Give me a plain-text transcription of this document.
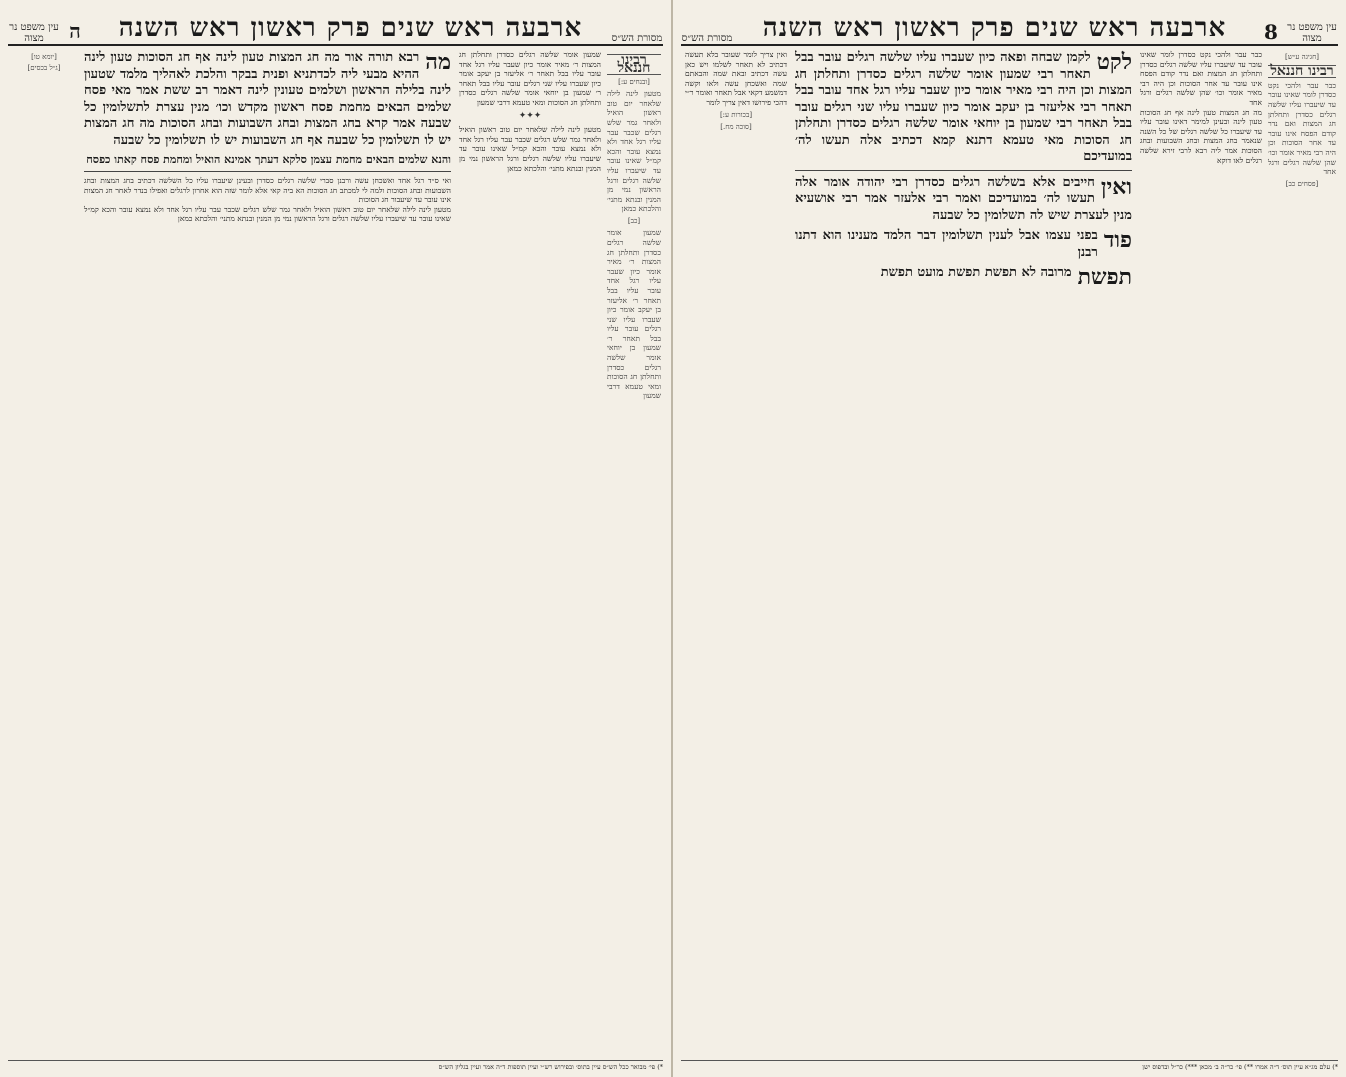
מסורת הש״ס
ארבעה ראש שנים פרק ראשון ראש השנה
ה
עין משפט נר מצוה
רבינו חננאל
[ובנחים ע:]

מטעון לינה לילה שלאחר יום טוב ראשון הואיל ולאחר גמר שלש רגלים שכבר עבר עליו רגל אחד ולא נמצא עובר והכא קמ״ל שאינו עובר עד שיעברו עליו שלשה רגלים ורגל הראשון נמי מן המנין ובנתא מתני׳ והלכתא כמאן

[כב]

שמעון אומר שלשה רגלים כסדרן ותחלתן חג המצות ר׳ מאיר אומר כיון שעבר עליו רגל אחד עובר עליו בבל תאחר ר׳ אליעזר בן יעקב אומר כיון שעברו עליו שני רגלים עובר עליו בבל תאחר ר׳ שמעון בן יוחאי אומר שלשה רגלים כסדרן ותחלתן חג הסוכות ומאי טעמא דרבי שמעון

שמעון אומר שלשה רגלים כסדרן ותחלתן חג המצות ר׳ מאיר אומר כיון שעבר עליו רגל אחד עובר עליו בבל תאחר ר׳ אליעזר בן יעקב אומר כיון שעברו עליו שני רגלים עובר עליו בבל תאחר ר׳ שמעון בן יוחאי אומר שלשה רגלים כסדרן ותחלתן חג הסוכות ומאי טעמא דרבי שמעון

✦✦✦

מטעון לינה לילה שלאחר יום טוב ראשון הואיל ולאחר גמר שלש רגלים שכבר עבר עליו רגל אחד ולא נמצא עובר והכא קמ״ל שאינו עובר עד שיעברו עליו שלשה רגלים ורגל הראשון נמי מן המנין ובנתא מתני׳ והלכתא כמאן

מה

רבא תורה אור מה חג המצות טעון לינה אף חג הסוכות טעון לינה ההיא מבעי ליה לכדתניא ופנית בבקר והלכת לאהליך מלמד שטעון לינה בלילה הראשון ושלמים טעונין לינה דאמר רב ששת אמר מאי פסח שלמים הבאים מחמת פסח ראשון מקדש וכו׳ מנין עצרת לתשלומין כל שבעה אמר קרא בחג המצות ובחג השבועות ובחג הסוכות מה חג המצות יש לו תשלומין כל שבעה אף חג השבועות יש לו תשלומין כל שבעה

והנא שלמים הבאים מחמת עצמן סלקא דעתך אמינא הואיל ומחמת פסח קאתו כפסח

ואי ס״ד רגל אחד ואשכחן עשה ורבנן סברי שלשה רגלים כסדרן ובעינן שיעברו עליו כל השלשה דכתיב בחג המצות ובחג השבועות ובחג הסוכות ולמה לי למכתב חג הסוכות הא ביה קאי אלא לומר שזה הוא אחרון לרגלים ואפילו בנדר לאחר חג המצות אינו עובר עד שיעבור חג הסוכות

מטעון לינה לילה שלאחר יום טוב ראשון הואיל ולאחר גמר שלש רגלים שכבר עבר עליו רגל אחד ולא נמצא עובר והכא קמ״ל שאינו עובר עד שיעברו עליו שלשה רגלים ורגל הראשון נמי מן המנין ובנתא מתני׳ והלכתא כמאן

[יומא טו]
[ג״ל בכסים]
*) פי׳ מבואר ככל הש״ס עיין בתוס׳ ובפירוש רש״י ועיין תוספות ד״ה אמר ועיין בגליון הש״ס
עין משפט נר מצוה
8
ארבעה ראש שנים פרק ראשון ראש השנה
מסורת הש״ס
[חגיגה ע״ש]
רבינו חננאל

כבר עבר ולהכי נקט כסדרן לומר שאינו עובר עד שיעברו עליו שלשה רגלים כסדרן ותחלתן חג המצות ואם נדר קודם הפסח אינו עובר עד אחר הסוכות וכן היה רבי מאיר אומר וכו׳ שהן שלשה רגלים ורגל אחד

[פסחים כב]

כבר עבר ולהכי נקט כסדרן לומר שאינו עובר עד שיעברו עליו שלשה רגלים כסדרן ותחלתן חג המצות ואם נדר קודם הפסח אינו עובר עד אחר הסוכות וכן היה רבי מאיר אומר וכו׳ שהן שלשה רגלים ורגל אחד

מה חג המצות טעון לינה אף חג הסוכות טעון לינה ובעינן למימר דאינו עובר עליו עד שיעברו כל שלשה רגלים של כל השנה שנאמר בחג המצות ובחג השבועות ובחג הסוכות אמר ליה רבא לרבי זירא שלשה רגלים לאו דוקא

לקט

לקמן שבחה ופאה כיון שעברו עליו שלשה רגלים עובר בבל תאחר רבי שמעון אומר שלשה רגלים כסדרן ותחלתן חג המצות וכן היה רבי מאיר אומר כיון שעבר עליו רגל אחד עובר בבל תאחר רבי אליעזר בן יעקב אומר כיון שעברו עליו שני רגלים עובר בבל תאחר רבי שמעון בן יוחאי אומר שלשה רגלים כסדרן ותחלתן חג הסוכות מאי טעמא דתנא קמא דכתיב אלה תעשו לה׳ במועדיכם

ואין

חייבים אלא בשלשה רגלים כסדרן רבי יהודה אומר אלה תעשו לה׳ במועדיכם ואמר רבי אלעזר אמר רבי אושעיא מנין לעצרת שיש לה תשלומין כל שבעה

פוד

בפני עצמו אבל לענין תשלומין דבר הלמד מענינו הוא דתנו רבנן

תפשת

מרובה לא תפשת תפשת מועט תפשת

ואין צריך לומר שעובר בלא תעשה דכתיב לא תאחר לשלמו ויש כאן עשה דכתיב ובאת שמה והבאתם שמה ואשכחן עשה ולאו וקשה דמשמע דקאי אבל תאחר ואומר ר״י דהכי פירושו דאין צריך לומר

[בכורות ע:]
[סוכה מח.]
*) עלם מג״א עיין תוס׳ ד״ה אמרו **) פי׳ כר״ה ב׳ מכאן ***) כר״ל ובדפוס ישן
